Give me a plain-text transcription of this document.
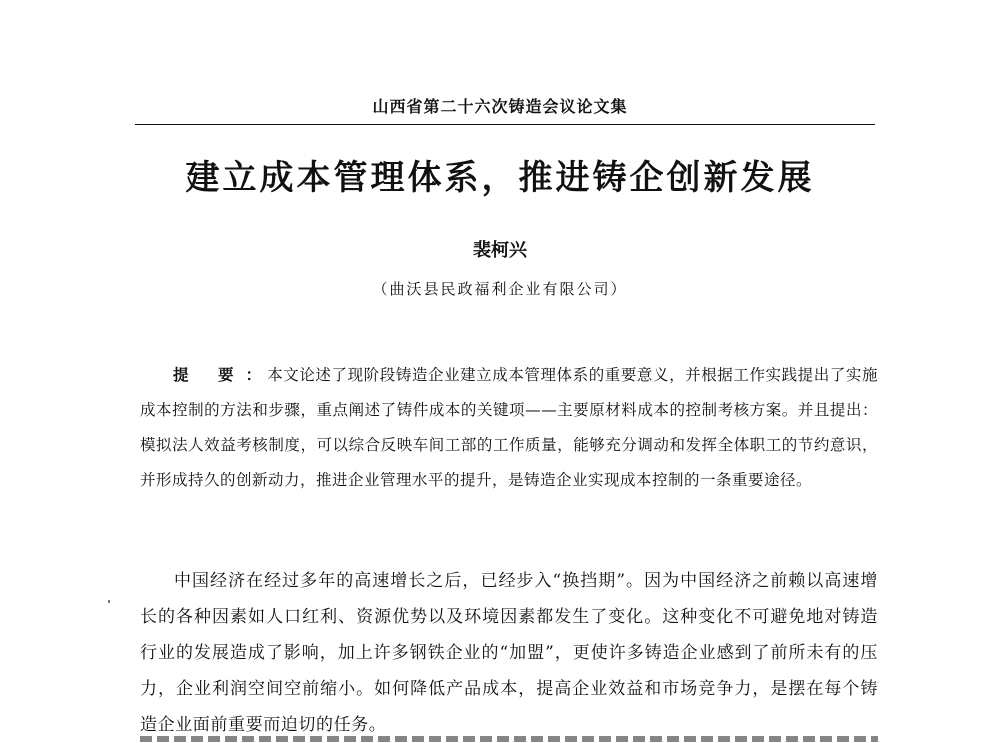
山西省第二十六次铸造会议论文集
建立成本管理体系，推进铸企创新发展
裴柯兴
（曲沃县民政福利企业有限公司）
提 要：本文论述了现阶段铸造企业建立成本管理体系的重要意义，并根据工作实践提出了实施成本控制的方法和步骤，重点阐述了铸件成本的关键项——主要原材料成本的控制考核方案。并且提出：模拟法人效益考核制度，可以综合反映车间工部的工作质量，能够充分调动和发挥全体职工的节约意识，并形成持久的创新动力，推进企业管理水平的提升，是铸造企业实现成本控制的一条重要途径。
中国经济在经过多年的高速增长之后，已经步入“换挡期”。因为中国经济之前赖以高速增长的各种因素如人口红利、资源优势以及环境因素都发生了变化。这种变化不可避免地对铸造行业的发展造成了影响，加上许多钢铁企业的“加盟”，更使许多铸造企业感到了前所未有的压力，企业利润空间空前缩小。如何降低产品成本，提高企业效益和市场竞争力，是摆在每个铸造企业面前重要而迫切的任务。
